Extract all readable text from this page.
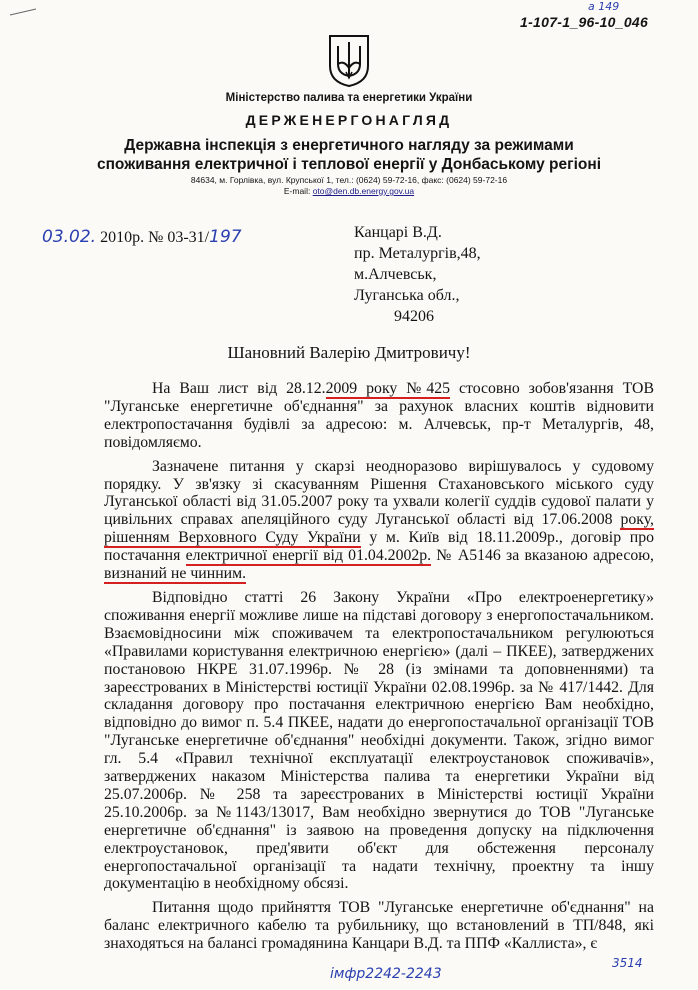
а 149
1-107-1_96-10_046
Міністерство палива та енергетики України
ДЕРЖЕНЕРГОНАГЛЯД
Державна інспекція з енергетичного нагляду за режимами
споживання електричної і теплової енергії у Донбаському регіоні
84634, м. Горлівка, вул. Крупської 1, тел.: (0624) 59-72-16, факс: (0624) 59-72-16
E-mail: oto@den.db.energy.gov.ua
03.02. 2010р. № 03-31/197	Канцарі В.Д.
пр. Металургів,48,
м.Алчевськ,
Луганська обл.,
94206
Шановний Валерію Дмитровичу!

На Ваш лист від 28.12.2009 року №425 стосовно зобов'язання ТОВ "Луганське енергетичне об'єднання" за рахунок власних коштів відновити електропостачання будівлі за адресою: м. Алчевськ, пр-т Металургів, 48, повідомляємо.

Зазначене питання у скарзі неодноразово вирішувалось у судовому порядку. У зв'язку зі скасуванням Рішення Стахановського міського суду Луганської області від 31.05.2007 року та ухвали колегії суддів судової палати у цивільних справах апеляційного суду Луганської області від 17.06.2008 року, рішенням Верховного Суду України у м. Київ від 18.11.2009р., договір про постачання електричної енергії від 01.04.2002р. № А5146 за вказаною адресою, визнаний не чинним.

Відповідно статті 26 Закону України «Про електроенергетику» споживання енергії можливе лише на підставі договору з енергопостачальником. Взаємовідносини між споживачем та електропостачальником регулюються «Правилами користування електричною енергією» (далі – ПКЕЕ), затверджених постановою НКРЕ 31.07.1996р. № 28 (із змінами та доповненнями) та зареєстрованих в Міністерстві юстиції України 02.08.1996р. за № 417/1442. Для складання договору про постачання електричною енергією Вам необхідно, відповідно до вимог п. 5.4 ПКЕЕ, надати до енергопостачальної організації ТОВ "Луганське енергетичне об'єднання" необхідні документи. Також, згідно вимог гл. 5.4 «Правил технічної експлуатації електроустановок споживачів», затверджених наказом Міністерства палива та енергетики України від 25.07.2006р. № 258 та зареєстрованих в Міністерстві юстиції України 25.10.2006р. за №1143/13017, Вам необхідно звернутися до ТОВ "Луганське енергетичне об'єднання" із заявою на проведення допуску на підключення електроустановок, пред'явити об'єкт для обстеження персоналу енергопостачальної організації та надати технічну, проектну та іншу документацію в необхідному обсязі.

Питання щодо прийняття ТОВ "Луганське енергетичне об'єднання" на баланс електричного кабелю та рубильнику, що встановлений в ТП/848, які знаходяться на балансі громадянина Канцари В.Д. та ППФ «Каллиста», є

імфр2242-2243
3514
